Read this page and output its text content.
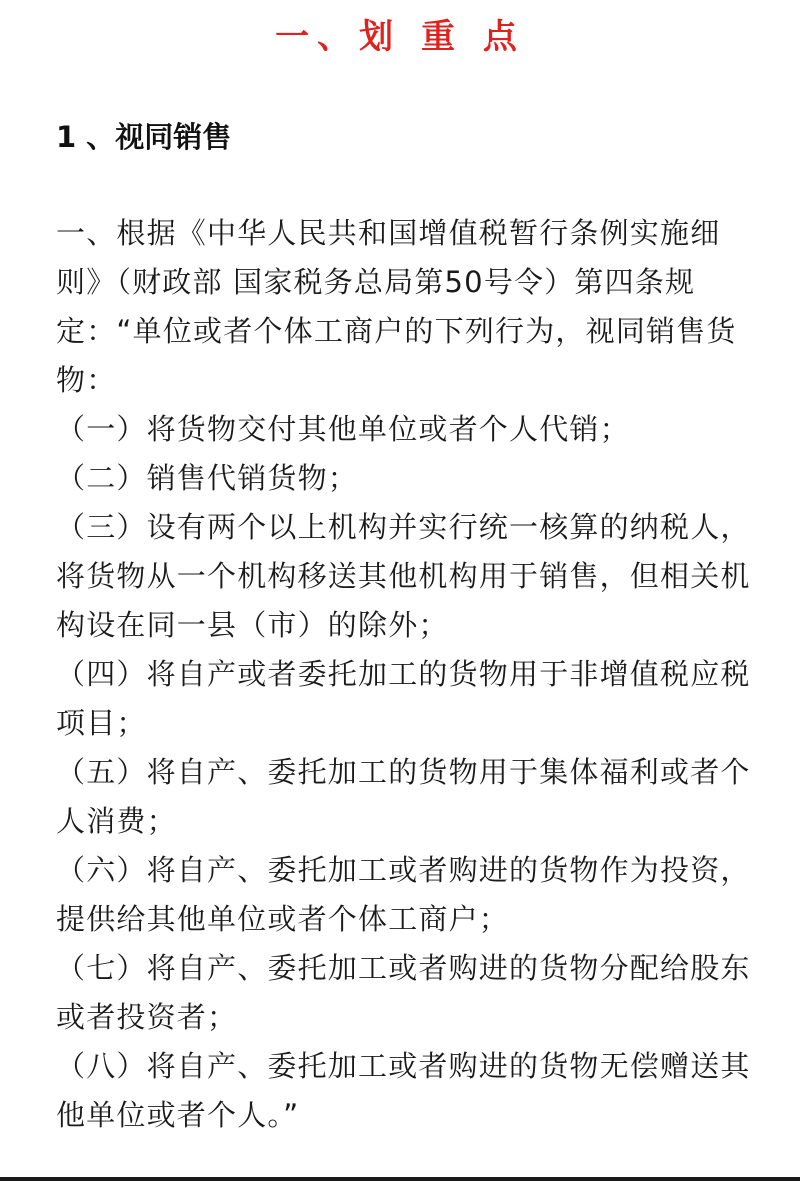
一、划 重 点
1 、视同销售

一、根据《中华人民共和国增值税暂行条例实施细则》（财政部 国家税务总局第50号令）第四条规定：“单位或者个体工商户的下列行为，视同销售货物：

（一）将货物交付其他单位或者个人代销；

（二）销售代销货物；

（三）设有两个以上机构并实行统一核算的纳税人，将货物从一个机构移送其他机构用于销售，但相关机构设在同一县（市）的除外；

（四）将自产或者委托加工的货物用于非增值税应税项目；

（五）将自产、委托加工的货物用于集体福利或者个人消费；

（六）将自产、委托加工或者购进的货物作为投资，提供给其他单位或者个体工商户；

（七）将自产、委托加工或者购进的货物分配给股东或者投资者；

（八）将自产、委托加工或者购进的货物无偿赠送其他单位或者个人。”
